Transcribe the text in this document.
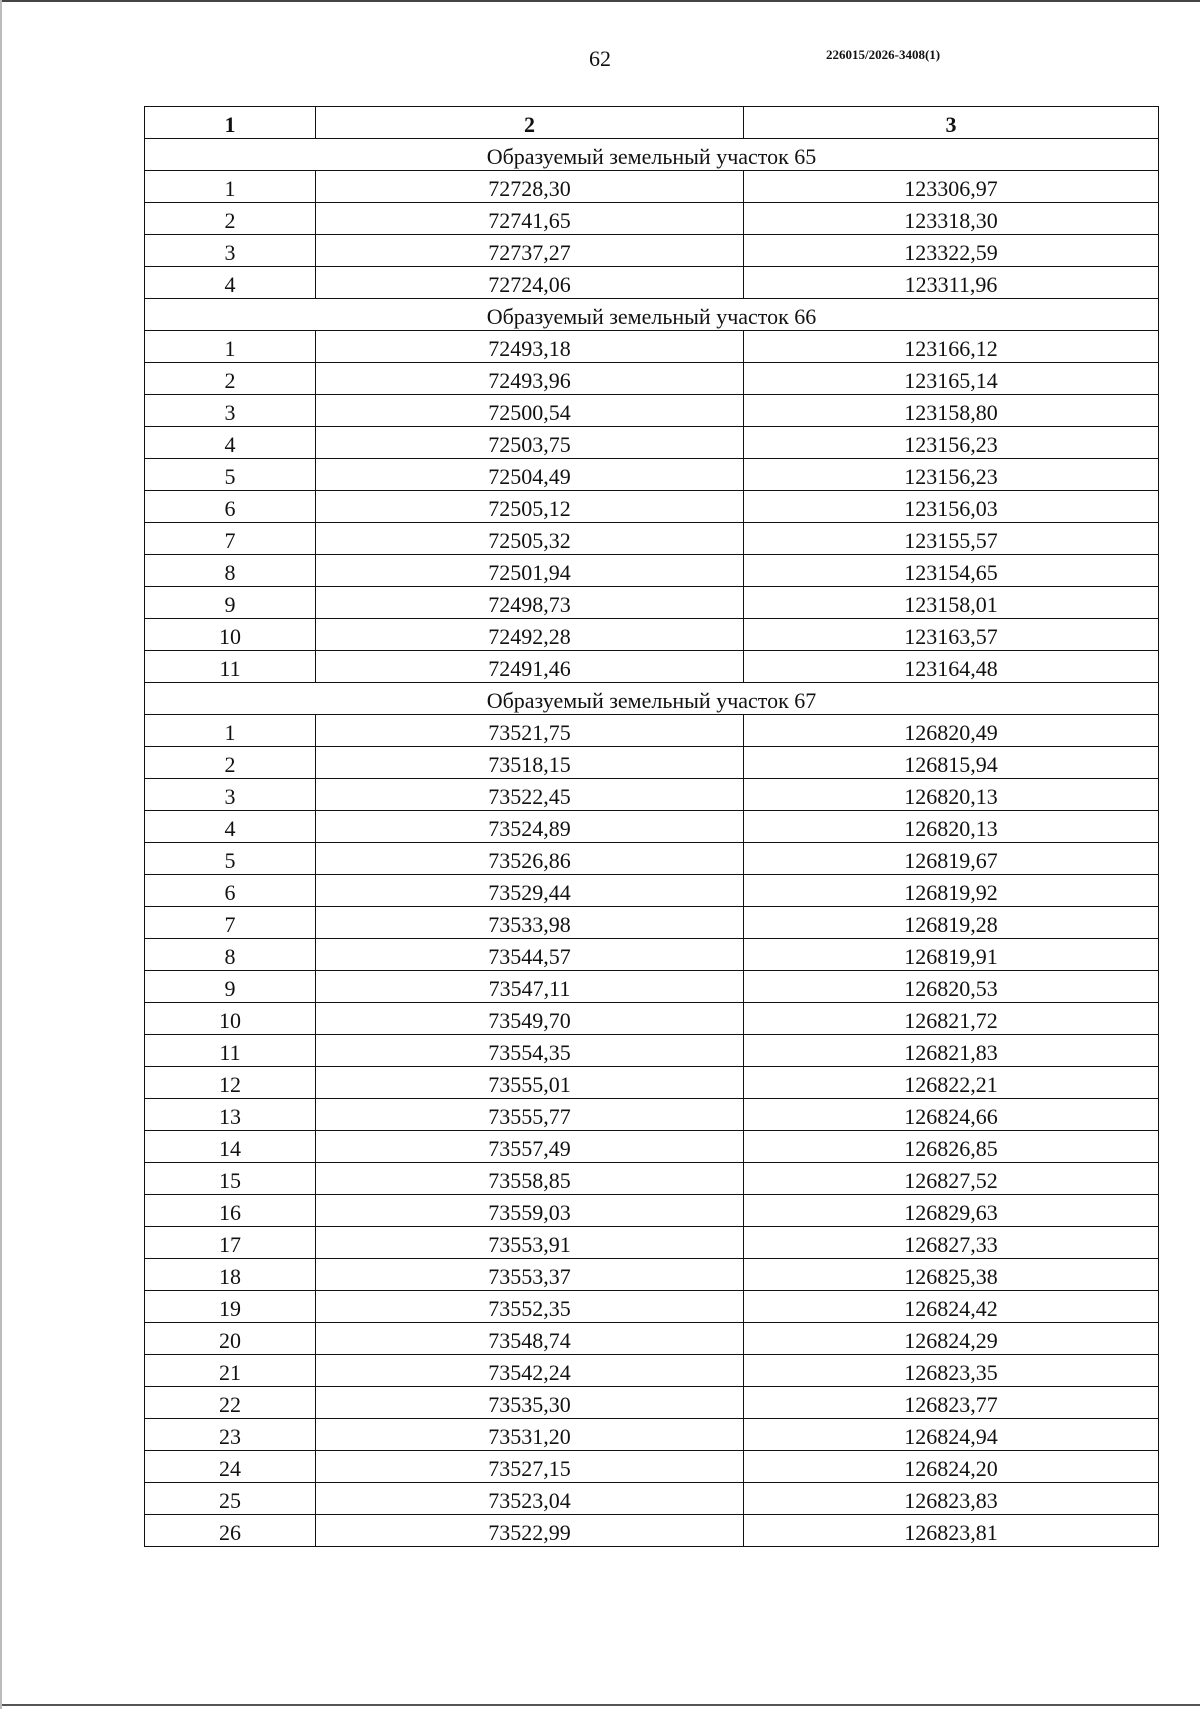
62	226015/2026-3408(1)
1	2	3
Образуемый земельный участок 65		
1	72728,30	123306,97
2	72741,65	123318,30
3	72737,27	123322,59
4	72724,06	123311,96
Образуемый земельный участок 66		
1	72493,18	123166,12
2	72493,96	123165,14
3	72500,54	123158,80
4	72503,75	123156,23
5	72504,49	123156,23
6	72505,12	123156,03
7	72505,32	123155,57
8	72501,94	123154,65
9	72498,73	123158,01
10	72492,28	123163,57
11	72491,46	123164,48
Образуемый земельный участок 67		
1	73521,75	126820,49
2	73518,15	126815,94
3	73522,45	126820,13
4	73524,89	126820,13
5	73526,86	126819,67
6	73529,44	126819,92
7	73533,98	126819,28
8	73544,57	126819,91
9	73547,11	126820,53
10	73549,70	126821,72
11	73554,35	126821,83
12	73555,01	126822,21
13	73555,77	126824,66
14	73557,49	126826,85
15	73558,85	126827,52
16	73559,03	126829,63
17	73553,91	126827,33
18	73553,37	126825,38
19	73552,35	126824,42
20	73548,74	126824,29
21	73542,24	126823,35
22	73535,30	126823,77
23	73531,20	126824,94
24	73527,15	126824,20
25	73523,04	126823,83
26	73522,99	126823,81
